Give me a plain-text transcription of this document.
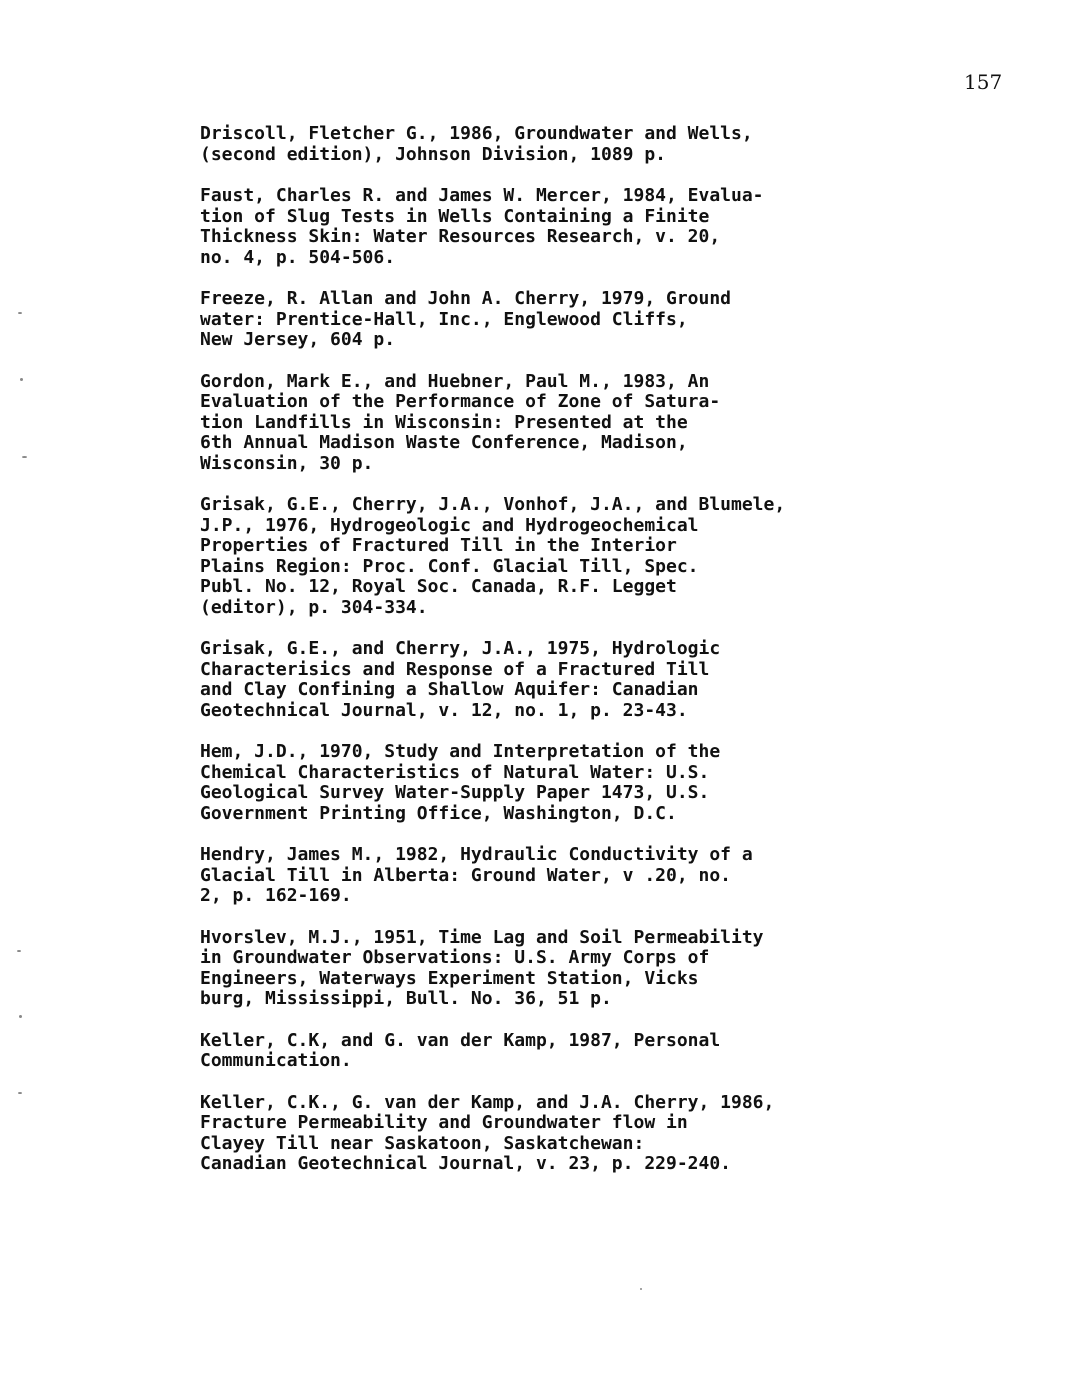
157

Driscoll, Fletcher G., 1986, Groundwater and Wells,
(second edition), Johnson Division, 1089 p.

Faust, Charles R. and James W. Mercer, 1984, Evalua-
tion of Slug Tests in Wells Containing a Finite
Thickness Skin: Water Resources Research, v. 20,
no. 4, p. 504-506.

Freeze, R. Allan and John A. Cherry, 1979, Ground
water: Prentice-Hall, Inc., Englewood Cliffs,
New Jersey, 604 p.

Gordon, Mark E., and Huebner, Paul M., 1983, An
Evaluation of the Performance of Zone of Satura-
tion Landfills in Wisconsin: Presented at the
6th Annual Madison Waste Conference, Madison,
Wisconsin, 30 p.

Grisak, G.E., Cherry, J.A., Vonhof, J.A., and Blumele,
J.P., 1976, Hydrogeologic and Hydrogeochemical
Properties of Fractured Till in the Interior
Plains Region: Proc. Conf. Glacial Till, Spec.
Publ. No. 12, Royal Soc. Canada, R.F. Legget
(editor), p. 304-334.

Grisak, G.E., and Cherry, J.A., 1975, Hydrologic
Characterisics and Response of a Fractured Till
and Clay Confining a Shallow Aquifer: Canadian
Geotechnical Journal, v. 12, no. 1, p. 23-43.

Hem, J.D., 1970, Study and Interpretation of the
Chemical Characteristics of Natural Water: U.S.
Geological Survey Water-Supply Paper 1473, U.S.
Government Printing Office, Washington, D.C.

Hendry, James M., 1982, Hydraulic Conductivity of a
Glacial Till in Alberta: Ground Water, v .20, no.
2, p. 162-169.

Hvorslev, M.J., 1951, Time Lag and Soil Permeability
in Groundwater Observations: U.S. Army Corps of
Engineers, Waterways Experiment Station, Vicks
burg, Mississippi, Bull. No. 36, 51 p.

Keller, C.K, and G. van der Kamp, 1987, Personal
Communication.

Keller, C.K., G. van der Kamp, and J.A. Cherry, 1986,
Fracture Permeability and Groundwater flow in
Clayey Till near Saskatoon, Saskatchewan:
Canadian Geotechnical Journal, v. 23, p. 229-240.
